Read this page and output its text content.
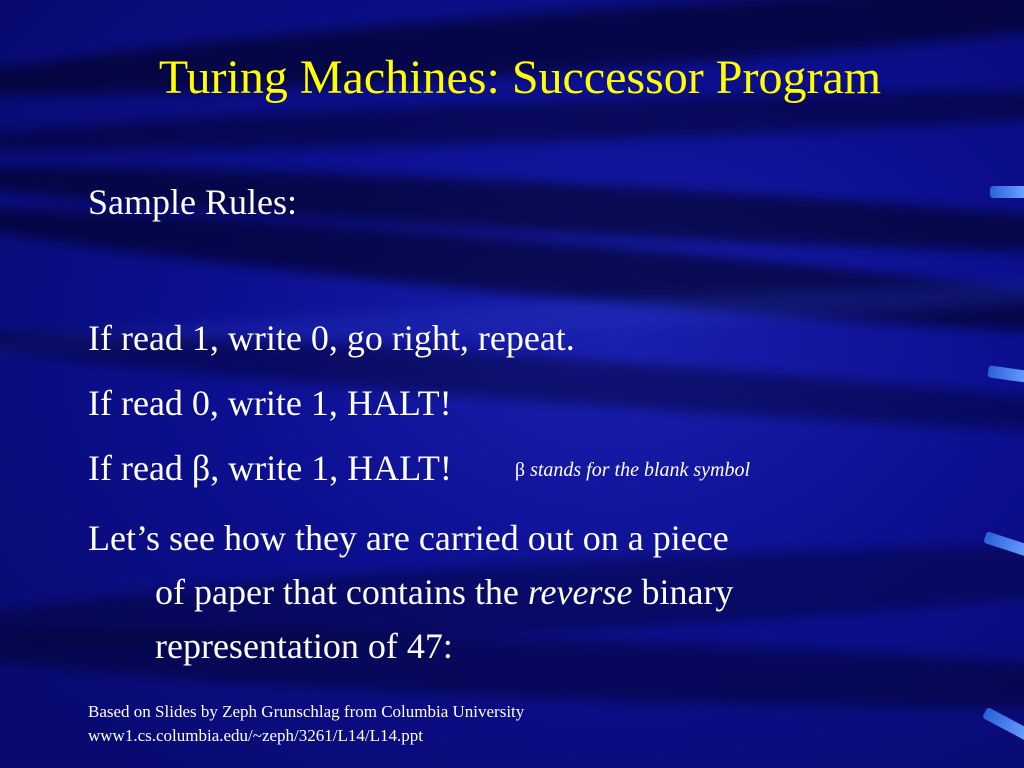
Turing Machines: Successor Program
Sample Rules:
If read 1, write 0, go right, repeat.
If read 0, write 1, HALT!
If read β, write 1, HALT!	β stands for the blank symbol
Let’s see how they are carried out on a piece
of paper that contains the reverse binary
representation of 47:
Based on Slides by Zeph Grunschlag from Columbia University
www1.cs.columbia.edu/~zeph/3261/L14/L14.ppt
